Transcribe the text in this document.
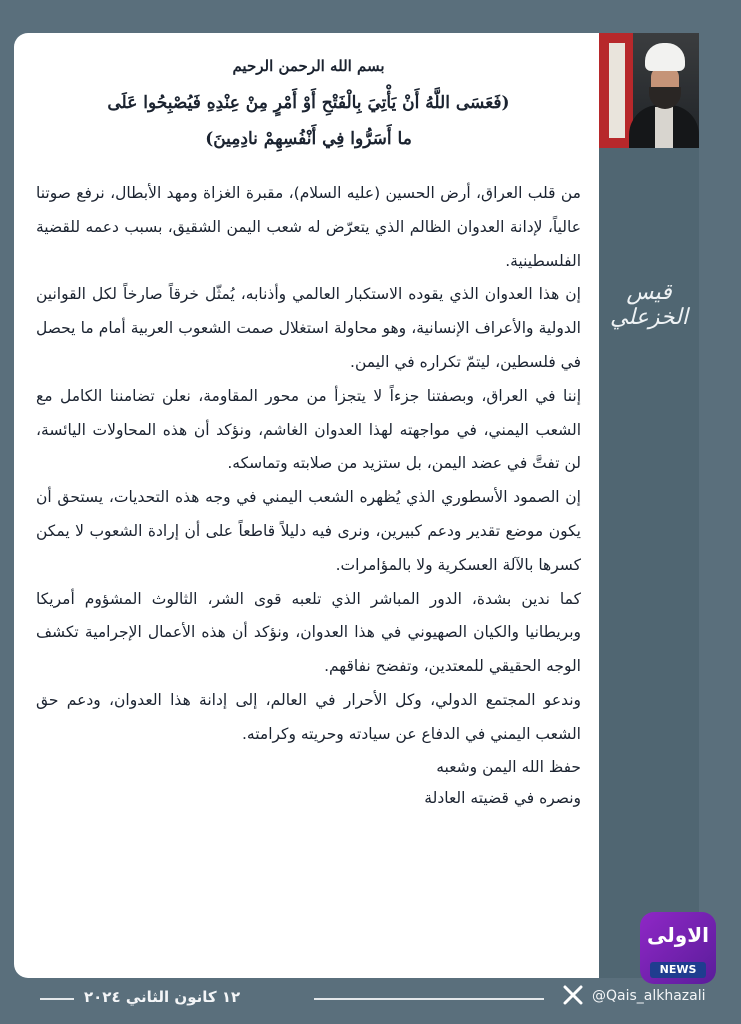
بسم الله الرحمن الرحيم

(فَعَسَى اللَّهُ أَنْ يَأْتِيَ بِالْفَتْحِ أَوْ أَمْرٍ مِنْ عِنْدِهِ فَيُصْبِحُوا عَلَى

ما أَسَرُّوا فِي أَنْفُسِهِمْ نادِمِينَ)

من قلب العراق، أرض الحسين (عليه السلام)، مقبرة الغزاة ومهد الأبطال، نرفع صوتنا عالياً، لإدانة العدوان الظالم الذي يتعرّض له شعب اليمن الشقيق، بسبب دعمه للقضية الفلسطينية.

إن هذا العدوان الذي يقوده الاستكبار العالمي وأذنابه، يُمثّل خرقاً صارخاً لكل القوانين الدولية والأعراف الإنسانية، وهو محاولة استغلال صمت الشعوب العربية أمام ما يحصل في فلسطين، ليتمّ تكراره في اليمن.

إننا في العراق، وبصفتنا جزءاً لا يتجزأ من محور المقاومة، نعلن تضامننا الكامل مع الشعب اليمني، في مواجهته لهذا العدوان الغاشم، ونؤكد أن هذه المحاولات اليائسة، لن تفتَّ في عضد اليمن، بل ستزيد من صلابته وتماسكه.

إن الصمود الأسطوري الذي يُظهره الشعب اليمني في وجه هذه التحديات، يستحق أن يكون موضع تقدير ودعم كبيرين، ونرى فيه دليلاً قاطعاً على أن إرادة الشعوب لا يمكن كسرها بالآلة العسكرية ولا بالمؤامرات.

كما ندين بشدة، الدور المباشر الذي تلعبه قوى الشر، الثالوث المشؤوم أمريكا وبريطانيا والكيان الصهيوني في هذا العدوان، ونؤكد أن هذه الأعمال الإجرامية تكشف الوجه الحقيقي للمعتدين، وتفضح نفاقهم.

وندعو المجتمع الدولي، وكل الأحرار في العالم، إلى إدانة هذا العدوان، ودعم حق الشعب اليمني في الدفاع عن سيادته وحريته وكرامته.

حفظ الله اليمن وشعبه

ونصره في قضيته العادلة

قيس الخزعلي
الاولى
NEWS
١٢ كانون الثاني ٢٠٢٤	@Qais_alkhazali
